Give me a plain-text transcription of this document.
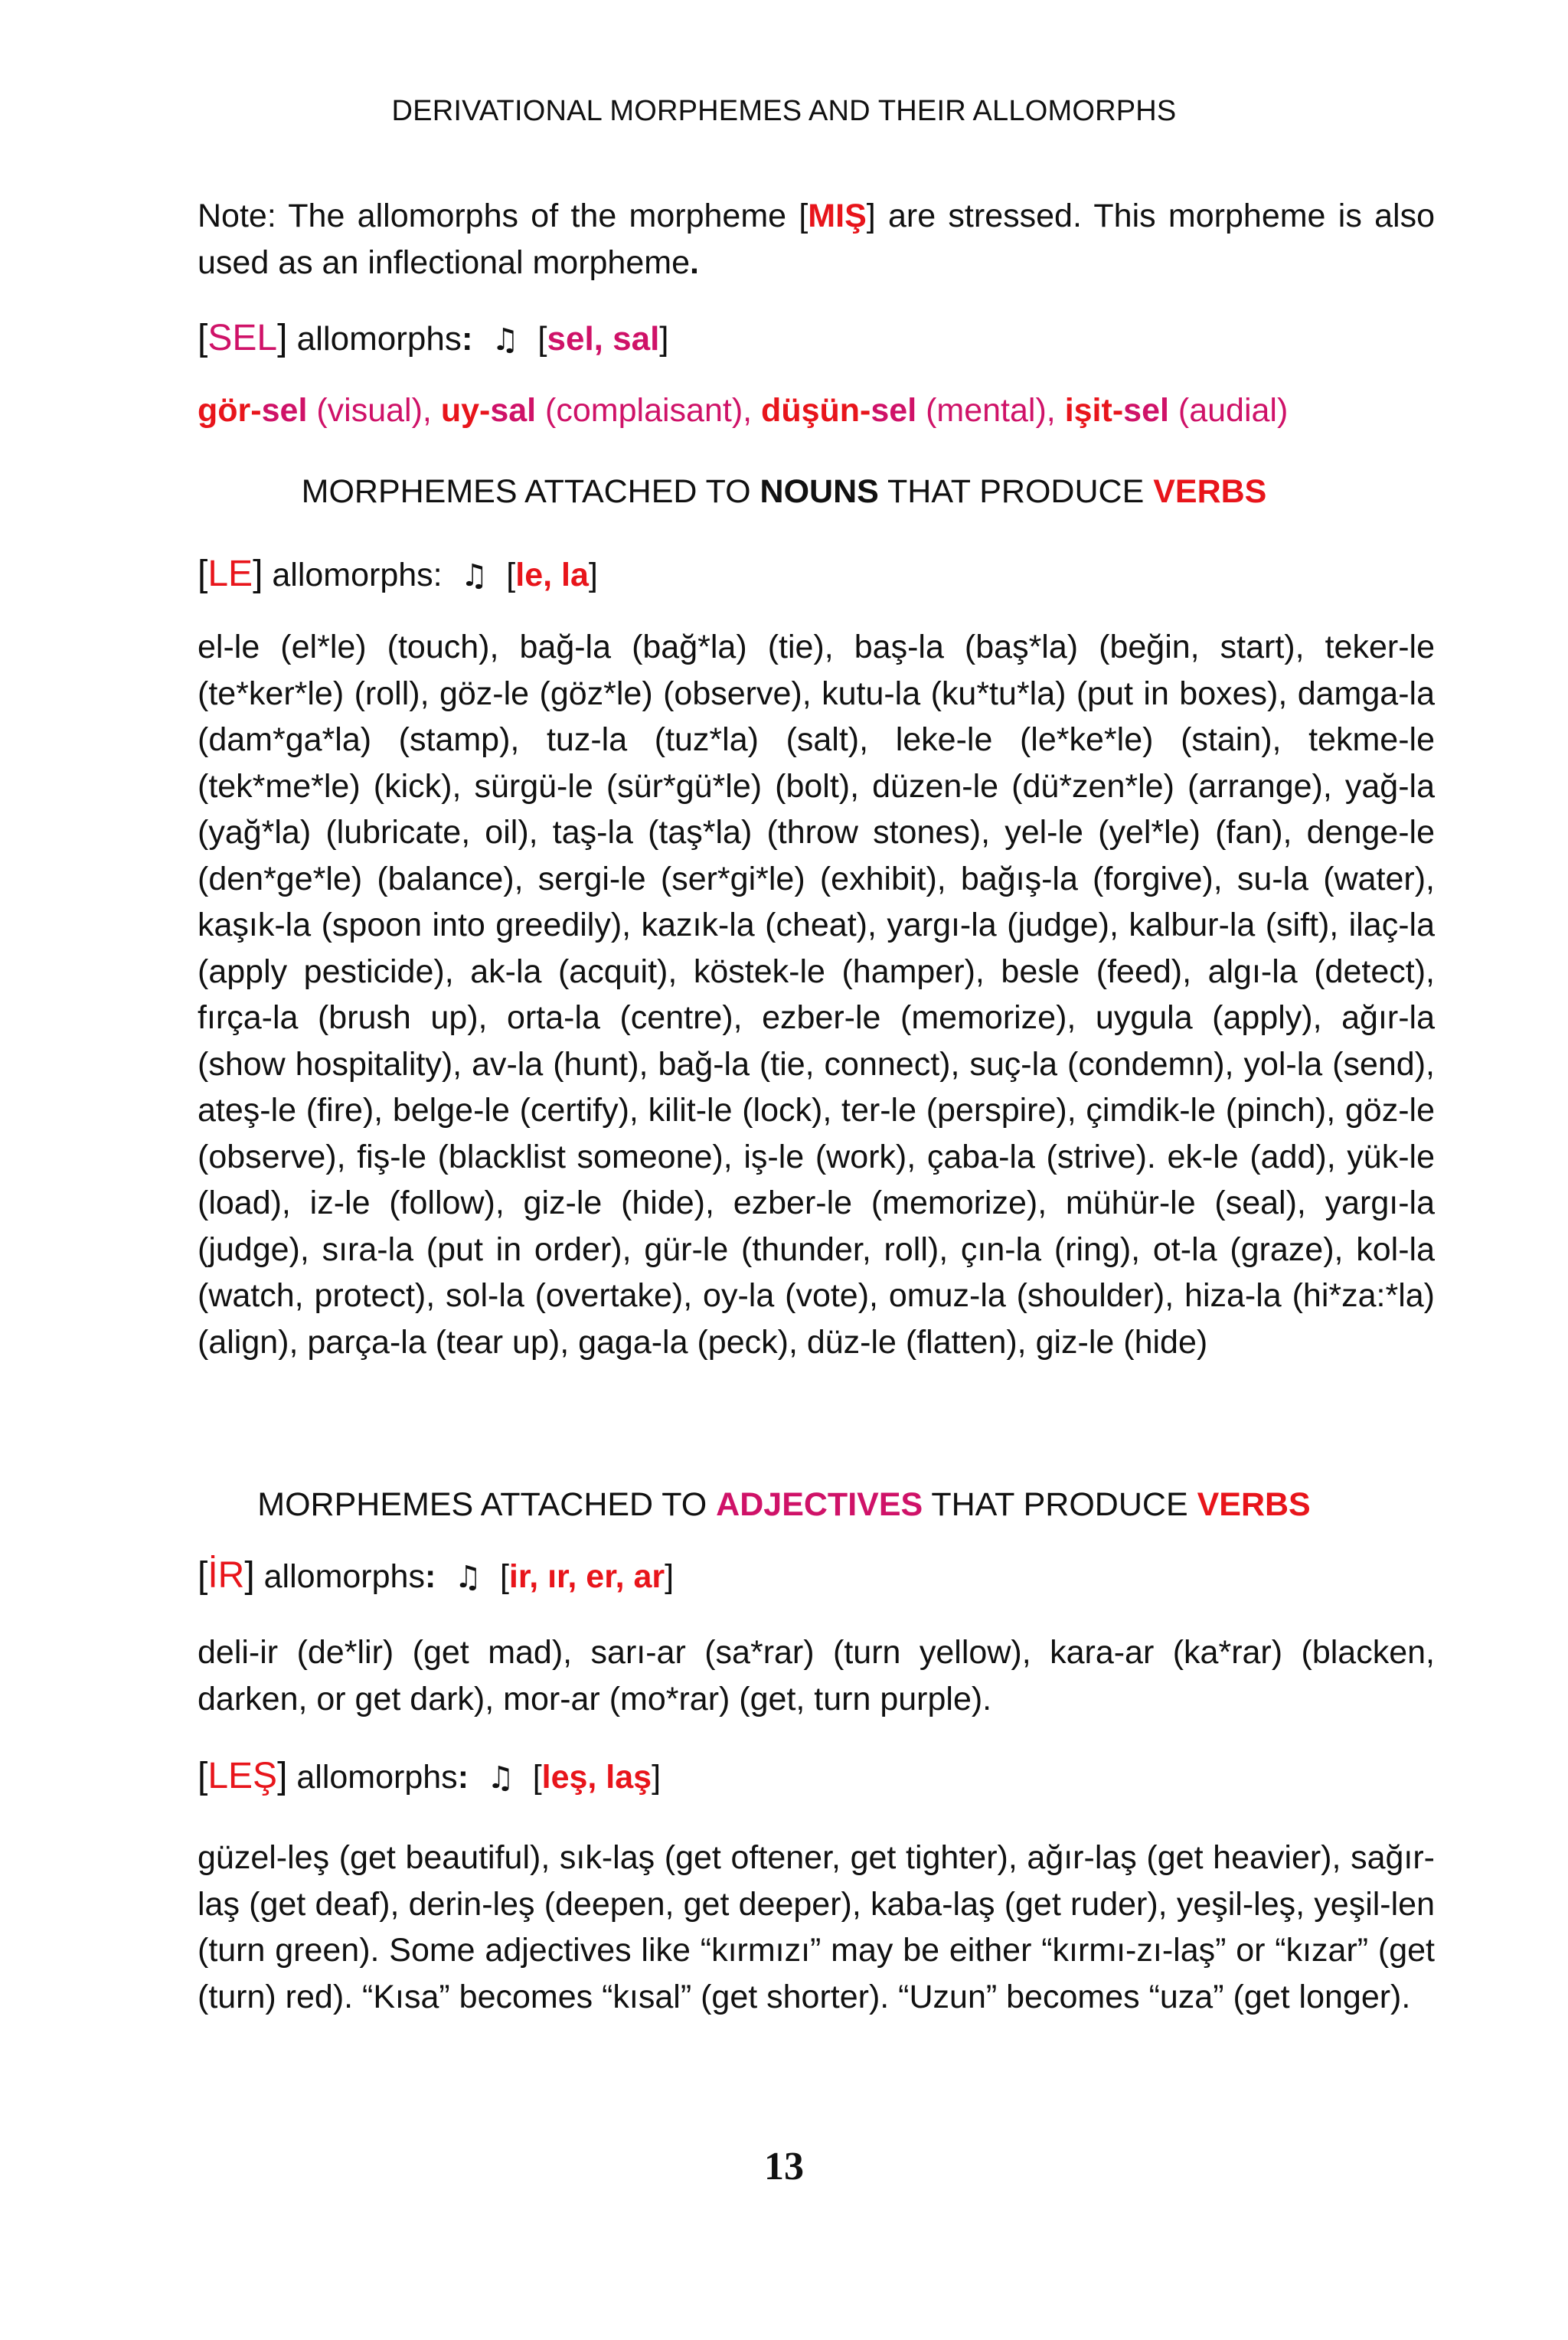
DERIVATIONAL MORPHEMES AND THEIR ALLOMORPHS
Note: The allomorphs of the morpheme [MIŞ] are stressed. This morpheme is also used as an inflectional morpheme.
[SEL] allomorphs: ♫ [sel, sal]
gör-sel (visual), uy-sal (complaisant), düşün-sel (mental), işit-sel (audial)
MORPHEMES ATTACHED TO NOUNS THAT PRODUCE VERBS
[LE] allomorphs: ♫ [le, la]
el-le (el*le) (touch), bağ-la (bağ*la) (tie), baş-la (baş*la) (beğin, start), teker-le (te*ker*le) (roll), göz-le (göz*le) (observe), kutu-la (ku*tu*la) (put in boxes), damga-la (dam*ga*la) (stamp), tuz-la (tuz*la) (salt), leke-le (le*ke*le) (stain), tekme-le (tek*me*le) (kick), sürgü-le (sür*gü*le) (bolt), düzen-le (dü*zen*le) (arrange), yağ-la (yağ*la) (lubricate, oil), taş-la (taş*la) (throw stones), yel-le (yel*le) (fan), denge-le (den*ge*le) (balance), sergi-le (ser*gi*le) (exhibit), bağış-la (forgive), su-la (water), kaşık-la (spoon into greedily), kazık-la (cheat), yargı-la (judge), kalbur-la (sift), ilaç-la (apply pesticide), ak-la (acquit), köstek-le (hamper), besle (feed), algı-la (detect), fırça-la (brush up), orta-la (centre), ezber-le (memorize), uygula (apply), ağır-la (show hospitality), av-la (hunt), bağ-la (tie, connect), suç-la (condemn), yol-la (send), ateş-le (fire), belge-le (certify), kilit-le (lock), ter-le (perspire), çimdik-le (pinch), göz-le (observe), fiş-le (blacklist someone), iş-le (work), çaba-la (strive). ek-le (add), yük-le (load), iz-le (follow), giz-le (hide), ezber-le (memorize), mühür-le (seal), yargı-la (judge), sıra-la (put in order), gür-le (thunder, roll), çın-la (ring), ot-la (graze), kol-la (watch, protect), sol-la (overtake), oy-la (vote), omuz-la (shoulder), hiza-la (hi*za:*la) (align), parça-la (tear up), gaga-la (peck), düz-le (flatten), giz-le (hide)
MORPHEMES ATTACHED TO ADJECTIVES THAT PRODUCE VERBS
[İR] allomorphs: ♫ [ir, ır, er, ar]
deli-ir (de*lir) (get mad), sarı-ar (sa*rar) (turn yellow), kara-ar (ka*rar) (blacken, darken, or get dark), mor-ar (mo*rar) (get, turn purple).
[LEŞ] allomorphs: ♫ [leş, laş]
güzel-leş (get beautiful), sık-laş (get oftener, get tighter), ağır-laş (get heavier), sağır-laş (get deaf), derin-leş (deepen, get deeper), kaba-laş (get ruder), yeşil-leş, yeşil-len (turn green). Some adjectives like “kırmızı” may be either “kırmı-zı-laş” or “kızar” (get (turn) red). “Kısa” becomes “kısal” (get shorter). “Uzun” becomes “uza” (get longer).
13
